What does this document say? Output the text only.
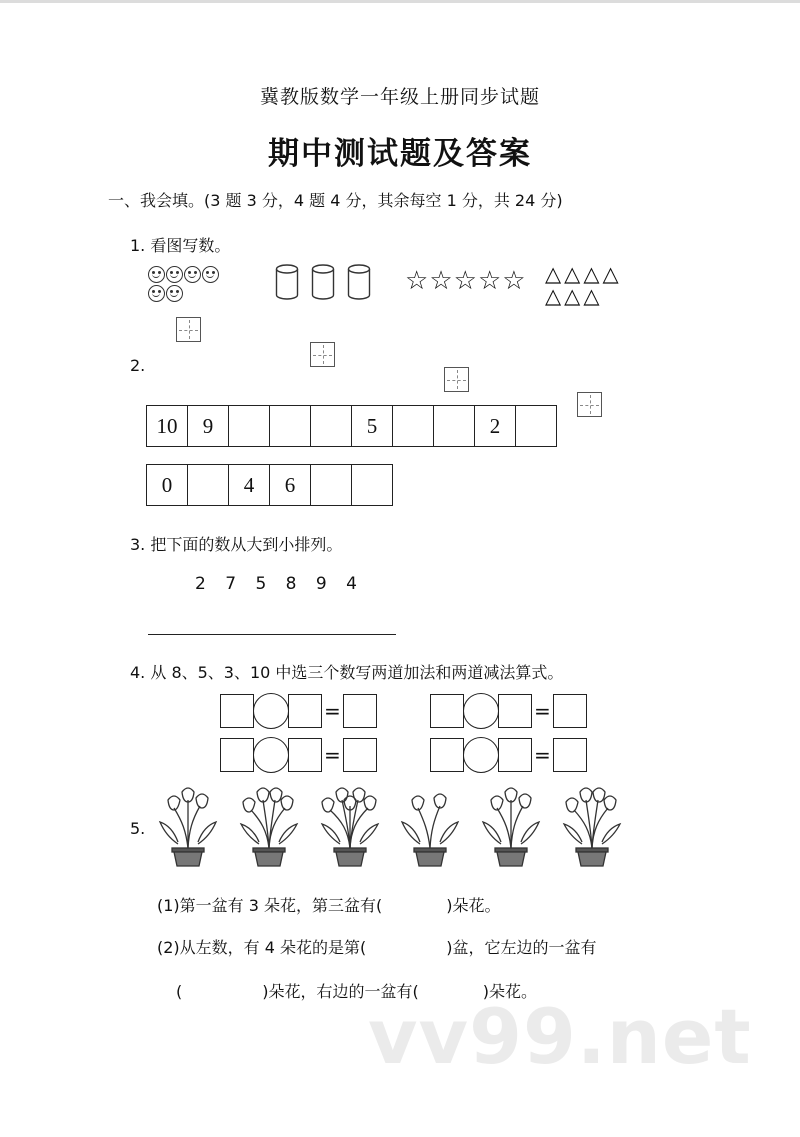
冀教版数学一年级上册同步试题
期中测试题及答案
一、我会填。(3 题 3 分，4 题 4 分，其余每空 1 分，共 24 分)
1. 看图写数。
☆ ☆ ☆ ☆ ☆ △ △ △ △
△ △ △
2.
10	9				5			2	
0		4	6		
3. 把下面的数从大到小排列。
2 7 5 8 9 4
4. 从 8、5、3、10 中选三个数写两道加法和两道减法算式。
=	=
=	=
5.
(1)第一盆有 3 朵花，第三盆有(　　　　)朵花。
(2)从左数，有 4 朵花的是第(　　　　　)盆，它左边的一盆有
(　　　　　)朵花，右边的一盆有(　　　　)朵花。
vv99.net
